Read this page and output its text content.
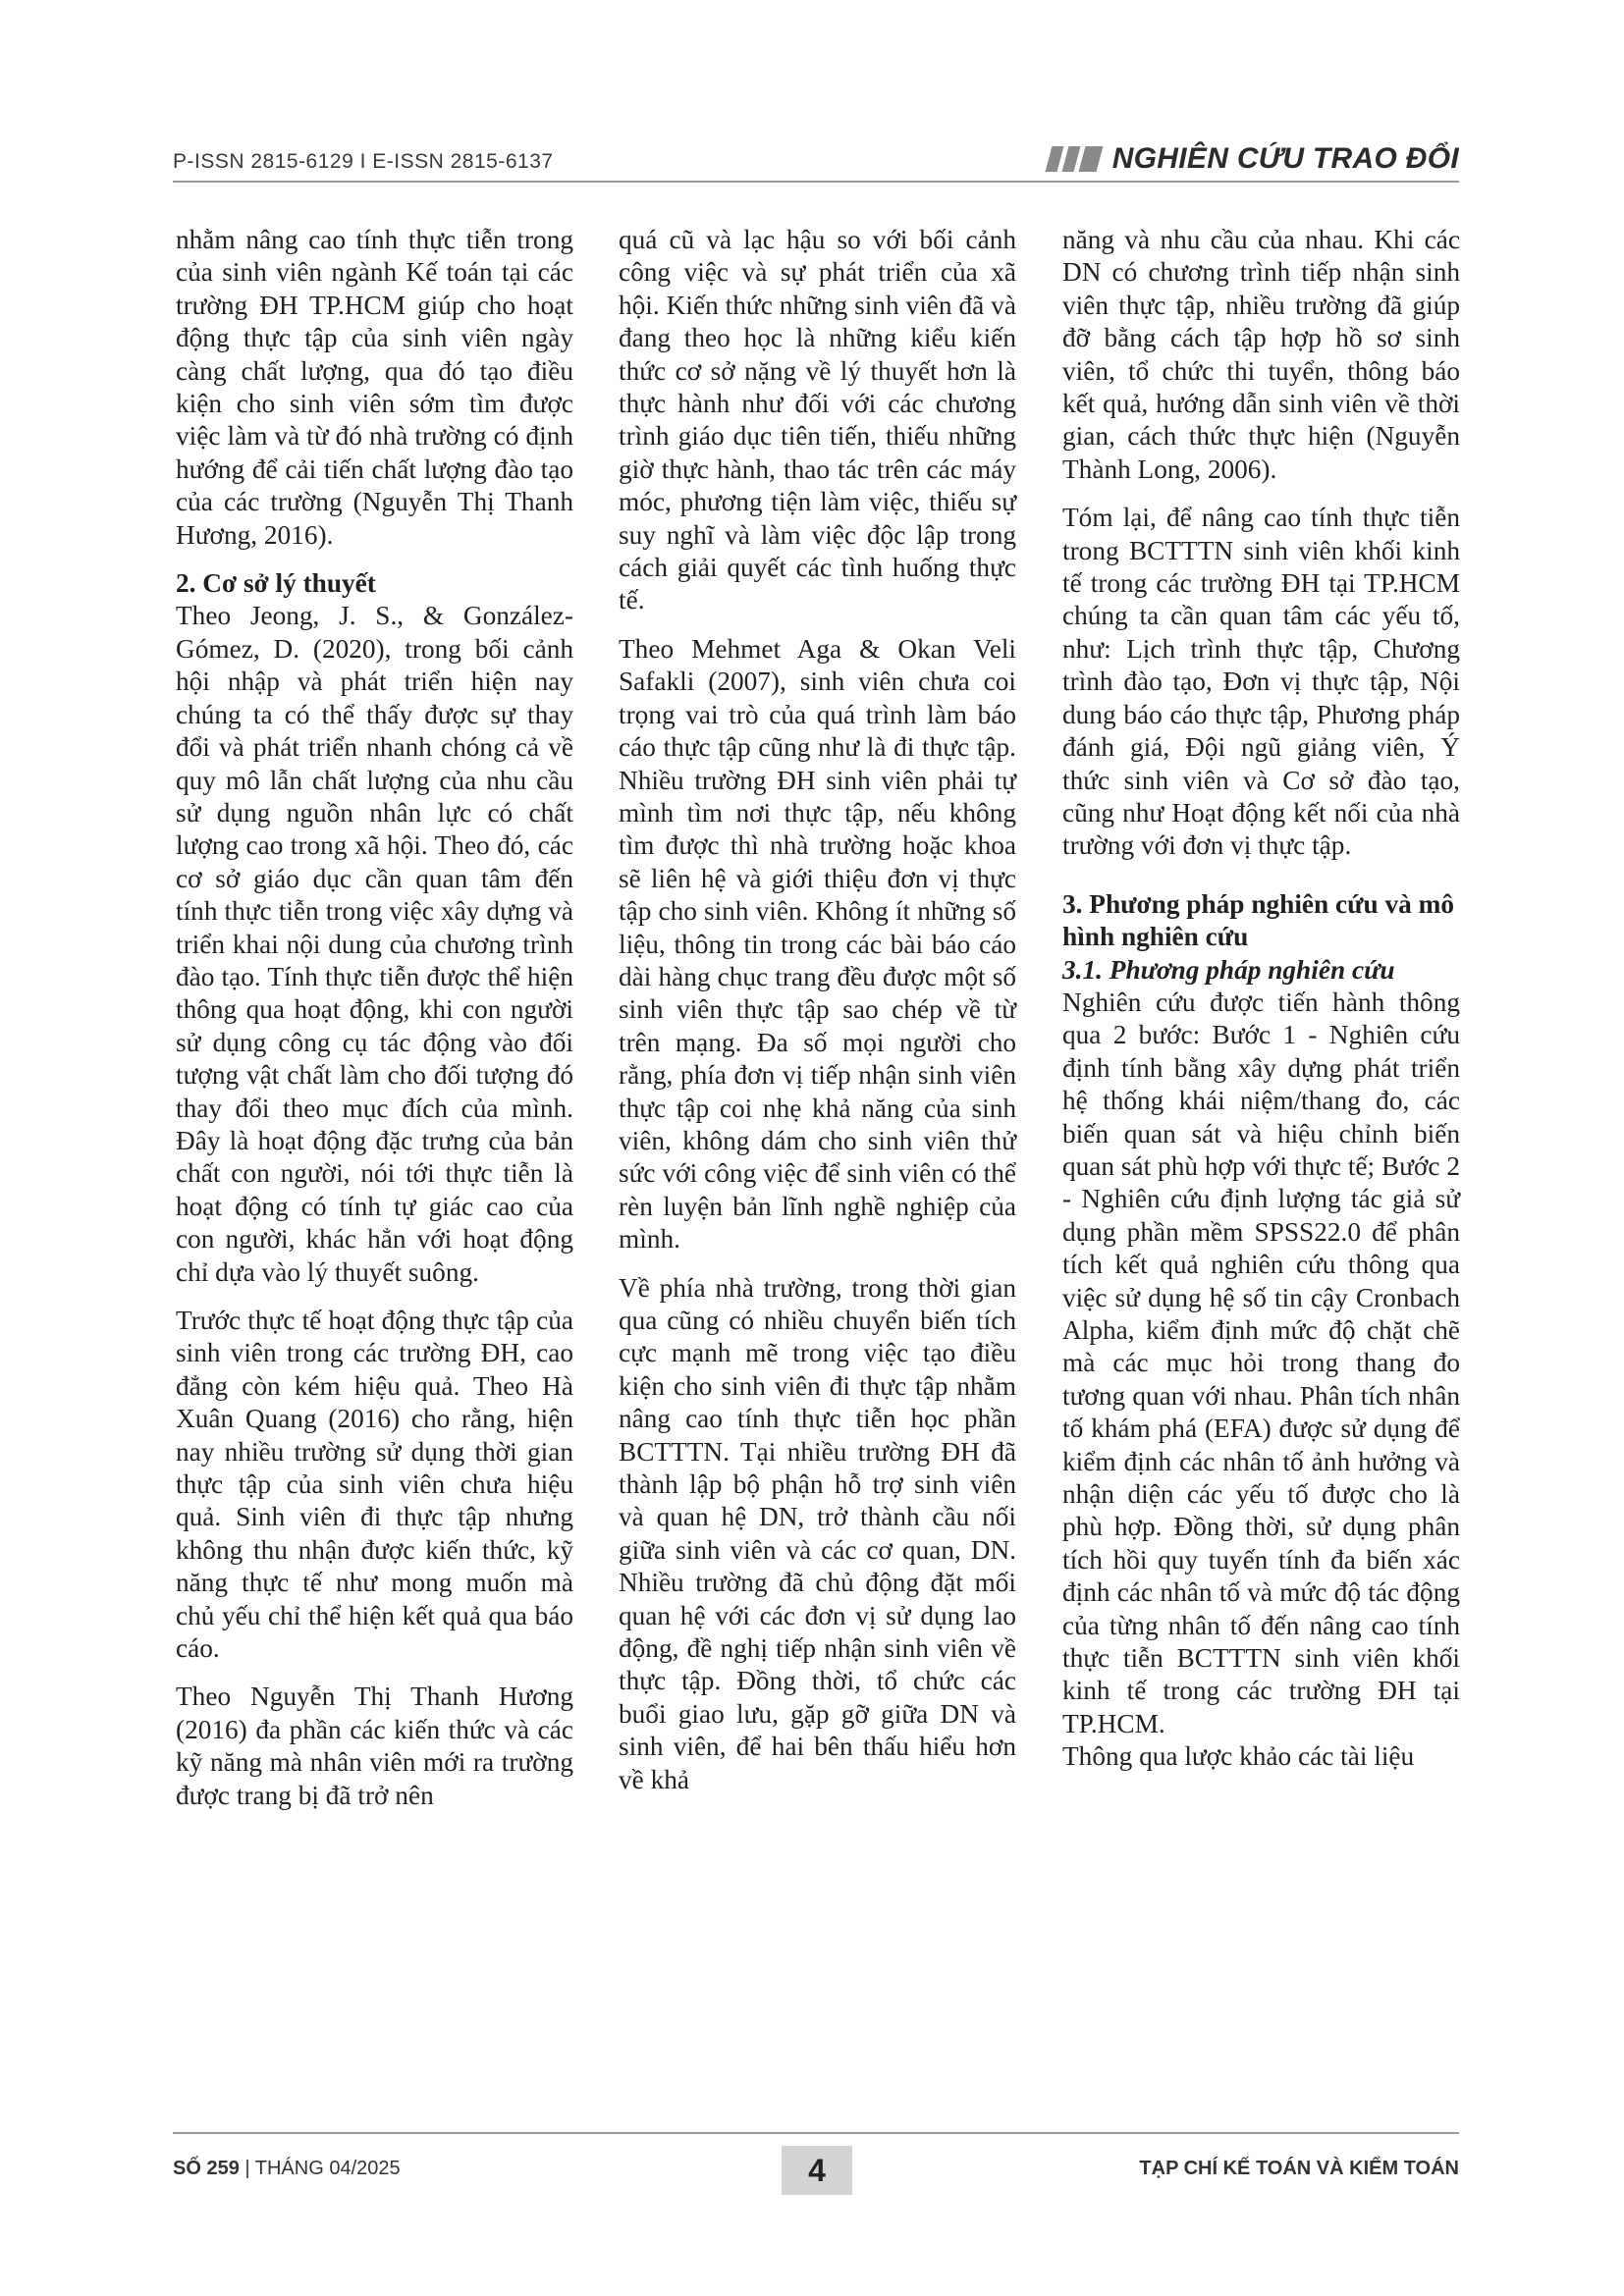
P-ISSN 2815-6129 I E-ISSN 2815-6137	NGHIÊN CỨU TRAO ĐỔI

nhằm nâng cao tính thực tiễn trong của sinh viên ngành Kế toán tại các trường ĐH TP.HCM giúp cho hoạt động thực tập của sinh viên ngày càng chất lượng, qua đó tạo điều kiện cho sinh viên sớm tìm được việc làm và từ đó nhà trường có định hướng để cải tiến chất lượng đào tạo của các trường (Nguyễn Thị Thanh Hương, 2016).

2. Cơ sở lý thuyết

Theo Jeong, J. S., & González-Gómez, D. (2020), trong bối cảnh hội nhập và phát triển hiện nay chúng ta có thể thấy được sự thay đổi và phát triển nhanh chóng cả về quy mô lẫn chất lượng của nhu cầu sử dụng nguồn nhân lực có chất lượng cao trong xã hội. Theo đó, các cơ sở giáo dục cần quan tâm đến tính thực tiễn trong việc xây dựng và triển khai nội dung của chương trình đào tạo. Tính thực tiễn được thể hiện thông qua hoạt động, khi con người sử dụng công cụ tác động vào đối tượng vật chất làm cho đối tượng đó thay đổi theo mục đích của mình. Đây là hoạt động đặc trưng của bản chất con người, nói tới thực tiễn là hoạt động có tính tự giác cao của con người, khác hẳn với hoạt động chỉ dựa vào lý thuyết suông.

Trước thực tế hoạt động thực tập của sinh viên trong các trường ĐH, cao đẳng còn kém hiệu quả. Theo Hà Xuân Quang (2016) cho rằng, hiện nay nhiều trường sử dụng thời gian thực tập của sinh viên chưa hiệu quả. Sinh viên đi thực tập nhưng không thu nhận được kiến thức, kỹ năng thực tế như mong muốn mà chủ yếu chỉ thể hiện kết quả qua báo cáo.

Theo Nguyễn Thị Thanh Hương (2016) đa phần các kiến thức và các kỹ năng mà nhân viên mới ra trường được trang bị đã trở nên

quá cũ và lạc hậu so với bối cảnh công việc và sự phát triển của xã hội. Kiến thức những sinh viên đã và đang theo học là những kiểu kiến thức cơ sở nặng về lý thuyết hơn là thực hành như đối với các chương trình giáo dục tiên tiến, thiếu những giờ thực hành, thao tác trên các máy móc, phương tiện làm việc, thiếu sự suy nghĩ và làm việc độc lập trong cách giải quyết các tình huống thực tế.

Theo Mehmet Aga & Okan Veli Safakli (2007), sinh viên chưa coi trọng vai trò của quá trình làm báo cáo thực tập cũng như là đi thực tập. Nhiều trường ĐH sinh viên phải tự mình tìm nơi thực tập, nếu không tìm được thì nhà trường hoặc khoa sẽ liên hệ và giới thiệu đơn vị thực tập cho sinh viên. Không ít những số liệu, thông tin trong các bài báo cáo dài hàng chục trang đều được một số sinh viên thực tập sao chép về từ trên mạng. Đa số mọi người cho rằng, phía đơn vị tiếp nhận sinh viên thực tập coi nhẹ khả năng của sinh viên, không dám cho sinh viên thử sức với công việc để sinh viên có thể rèn luyện bản lĩnh nghề nghiệp của mình.

Về phía nhà trường, trong thời gian qua cũng có nhiều chuyển biến tích cực mạnh mẽ trong việc tạo điều kiện cho sinh viên đi thực tập nhằm nâng cao tính thực tiễn học phần BCTTTN. Tại nhiều trường ĐH đã thành lập bộ phận hỗ trợ sinh viên và quan hệ DN, trở thành cầu nối giữa sinh viên và các cơ quan, DN. Nhiều trường đã chủ động đặt mối quan hệ với các đơn vị sử dụng lao động, đề nghị tiếp nhận sinh viên về thực tập. Đồng thời, tổ chức các buổi giao lưu, gặp gỡ giữa DN và sinh viên, để hai bên thấu hiểu hơn về khả

năng và nhu cầu của nhau. Khi các DN có chương trình tiếp nhận sinh viên thực tập, nhiều trường đã giúp đỡ bằng cách tập hợp hồ sơ sinh viên, tổ chức thi tuyển, thông báo kết quả, hướng dẫn sinh viên về thời gian, cách thức thực hiện (Nguyễn Thành Long, 2006).

Tóm lại, để nâng cao tính thực tiễn trong BCTTTN sinh viên khối kinh tế trong các trường ĐH tại TP.HCM chúng ta cần quan tâm các yếu tố, như: Lịch trình thực tập, Chương trình đào tạo, Đơn vị thực tập, Nội dung báo cáo thực tập, Phương pháp đánh giá, Đội ngũ giảng viên, Ý thức sinh viên và Cơ sở đào tạo, cũng như Hoạt động kết nối của nhà trường với đơn vị thực tập.

3. Phương pháp nghiên cứu và mô hình nghiên cứu
3.1. Phương pháp nghiên cứu

Nghiên cứu được tiến hành thông qua 2 bước: Bước 1 - Nghiên cứu định tính bằng xây dựng phát triển hệ thống khái niệm/thang đo, các biến quan sát và hiệu chỉnh biến quan sát phù hợp với thực tế; Bước 2 - Nghiên cứu định lượng tác giả sử dụng phần mềm SPSS22.0 để phân tích kết quả nghiên cứu thông qua việc sử dụng hệ số tin cậy Cronbach Alpha, kiểm định mức độ chặt chẽ mà các mục hỏi trong thang đo tương quan với nhau. Phân tích nhân tố khám phá (EFA) được sử dụng để kiểm định các nhân tố ảnh hưởng và nhận diện các yếu tố được cho là phù hợp. Đồng thời, sử dụng phân tích hồi quy tuyến tính đa biến xác định các nhân tố và mức độ tác động của từng nhân tố đến nâng cao tính thực tiễn BCTTTN sinh viên khối kinh tế trong các trường ĐH tại TP.HCM.

Thông qua lược khảo các tài liệu

SỐ 259 | THÁNG 04/2025	4	TẠP CHÍ KẾ TOÁN VÀ KIỂM TOÁN
